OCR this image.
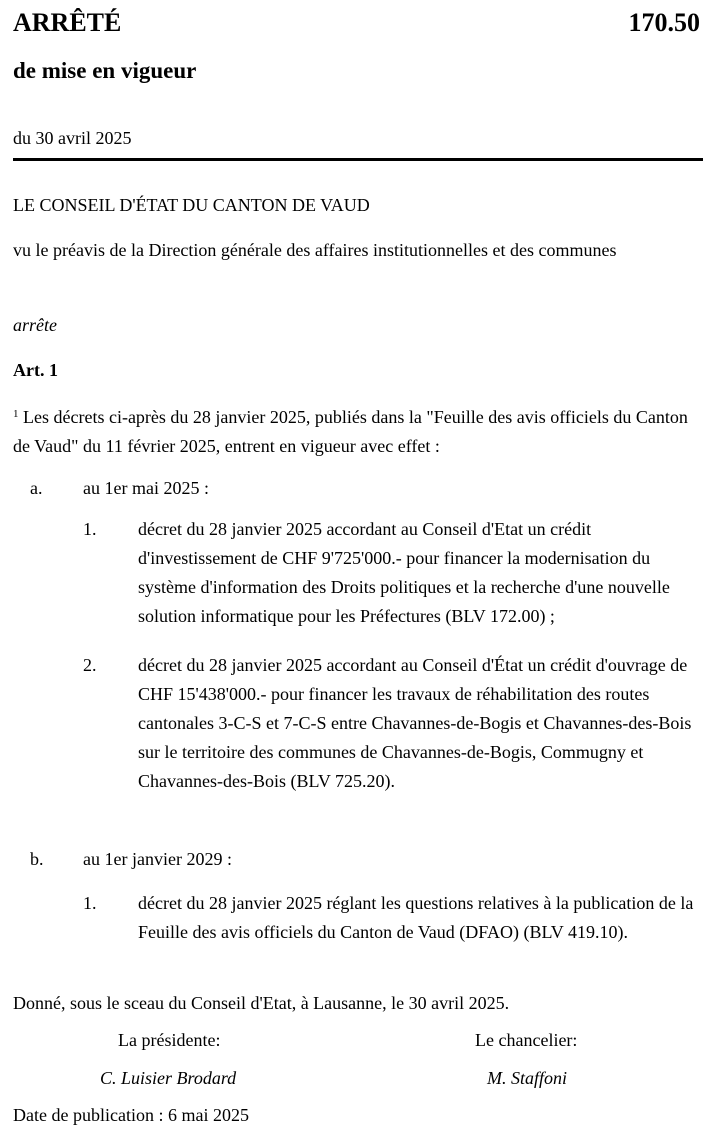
ARRÊTÉ	170.50
de mise en vigueur
du 30 avril 2025
LE CONSEIL D'ÉTAT DU CANTON DE VAUD
vu le préavis de la Direction générale des affaires institutionnelles et des communes
arrête
Art. 1
$^1$ Les décrets ci-après du 28 janvier 2025, publiés dans la "Feuille des avis officiels du Canton de Vaud" du 11 février 2025, entrent en vigueur avec effet :
a. au 1er mai 2025 :
1. décret du 28 janvier 2025 accordant au Conseil d'Etat un crédit d'investissement de CHF 9'725'000.- pour financer la modernisation du système d'information des Droits politiques et la recherche d'une nouvelle solution informatique pour les Préfectures (BLV 172.00) ;
2. décret du 28 janvier 2025 accordant au Conseil d'État un crédit d'ouvrage de CHF 15'438'000.- pour financer les travaux de réhabilitation des routes cantonales 3-C-S et 7-C-S entre Chavannes-de-Bogis et Chavannes-des-Bois sur le territoire des communes de Chavannes-de-Bogis, Commugny et Chavannes-des-Bois (BLV 725.20).
b. au 1er janvier 2029 :
1. décret du 28 janvier 2025 réglant les questions relatives à la publication de la Feuille des avis officiels du Canton de Vaud (DFAO) (BLV 419.10).
Donné, sous le sceau du Conseil d'Etat, à Lausanne, le 30 avril 2025.
La présidente:	Le chancelier:
C. Luisier Brodard	M. Staffoni
Date de publication : 6 mai 2025
